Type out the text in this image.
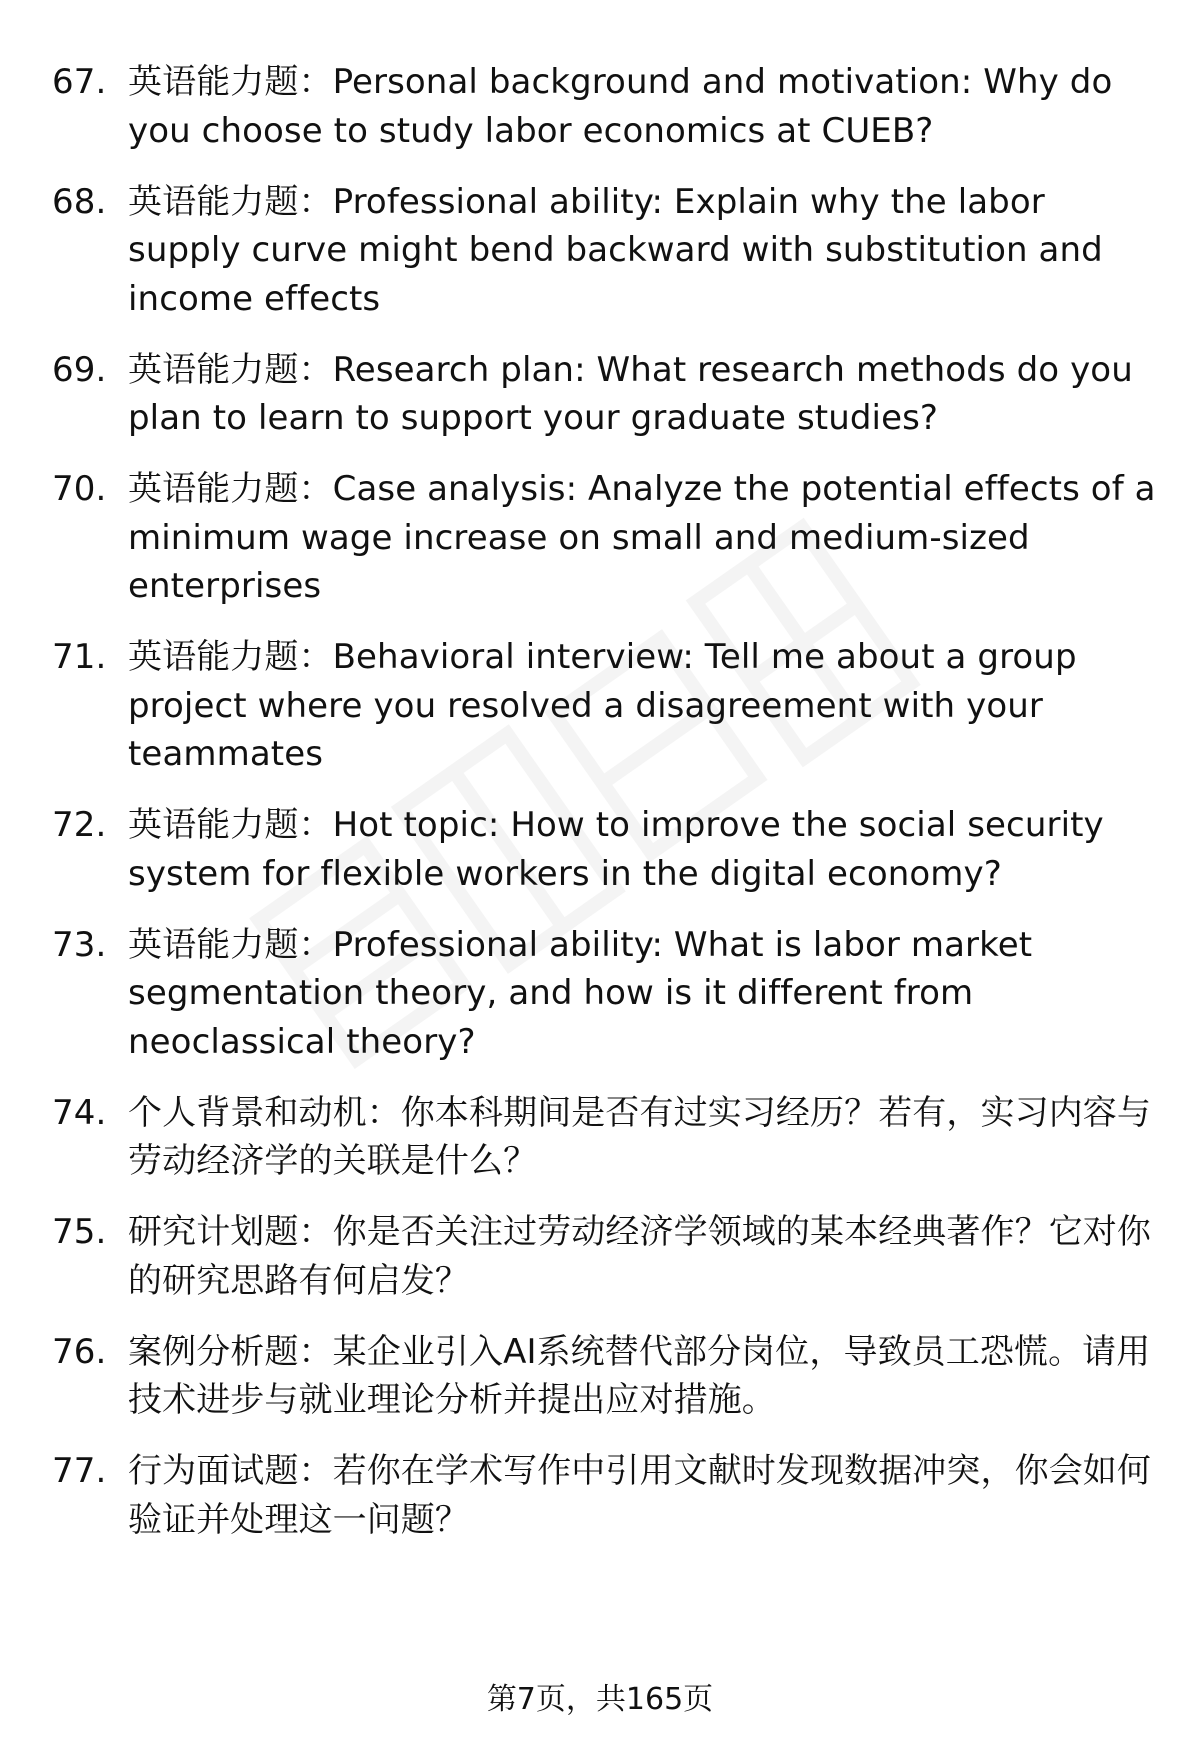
67. 英语能力题：Personal background and motivation: Why do you choose to study labor economics at CUEB?
68. 英语能力题：Professional ability: Explain why the labor supply curve might bend backward with substitution and income effects
69. 英语能力题：Research plan: What research methods do you plan to learn to support your graduate studies?
70. 英语能力题：Case analysis: Analyze the potential effects of a minimum wage increase on small and medium-sized enterprises
71. 英语能力题：Behavioral interview: Tell me about a group project where you resolved a disagreement with your teammates
72. 英语能力题：Hot topic: How to improve the social security system for flexible workers in the digital economy?
73. 英语能力题：Professional ability: What is labor market segmentation theory, and how is it different from neoclassical theory?
74. 个人背景和动机：你本科期间是否有过实习经历？若有，实习内容与劳动经济学的关联是什么？
75. 研究计划题：你是否关注过劳动经济学领域的某本经典著作？它对你的研究思路有何启发？
76. 案例分析题：某企业引入AI系统替代部分岗位，导致员工恐慌。请用技术进步与就业理论分析并提出应对措施。
77. 行为面试题：若你在学术写作中引用文献时发现数据冲突，你会如何验证并处理这一问题？
第7页，共165页
